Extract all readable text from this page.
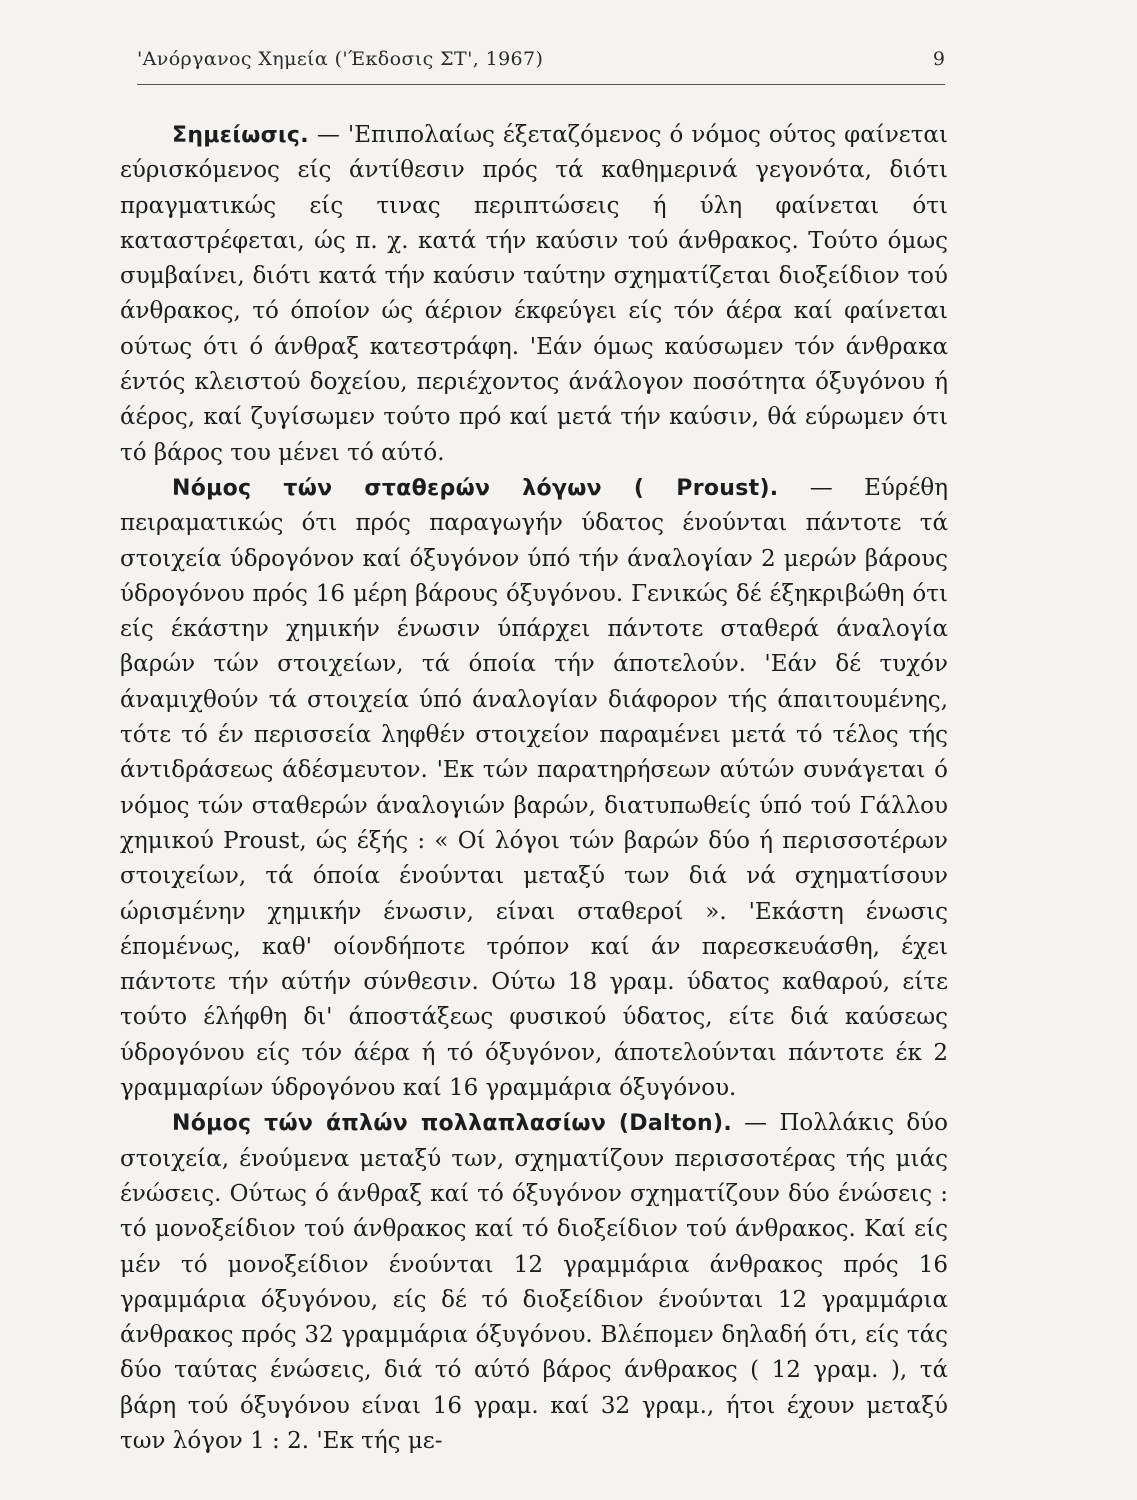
'Ανόργανος Χημεία ('Έκδοσις ΣΤ', 1967)	9

Σημείωσις. — 'Επιπολαίως έξεταζόμενος ό νόμος ούτος φαίνεται εύρισκόμενος είς άντίθεσιν πρός τά καθημερινά γεγονότα, διότι πραγματικώς είς τινας περιπτώσεις ή ύλη φαίνεται ότι καταστρέφεται, ώς π. χ. κατά τήν καύσιν τού άνθρακος. Τούτο όμως συμβαίνει, διότι κατά τήν καύσιν ταύτην σχηματίζεται διοξείδιον τού άνθρακος, τό όποίον ώς άέριον έκφεύγει είς τόν άέρα καί φαίνεται ούτως ότι ό άνθραξ κατεστράφη. 'Εάν όμως καύσωμεν τόν άνθρακα έντός κλειστού δοχείου, περιέχοντος άνάλογον ποσότητα όξυγόνου ή άέρος, καί ζυγίσωμεν τούτο πρό καί μετά τήν καύσιν, θά εύρωμεν ότι τό βάρος του μένει τό αύτό.

Νόμος τών σταθερών λόγων ( Proust). — Εύρέθη πειραματικώς ότι πρός παραγωγήν ύδατος ένούνται πάντοτε τά στοιχεία ύδρογόνον καί όξυγόνον ύπό τήν άναλογίαν 2 μερών βάρους ύδρογόνου πρός 16 μέρη βάρους όξυγόνου. Γενικώς δέ έξηκριβώθη ότι είς έκάστην χημικήν ένωσιν ύπάρχει πάντοτε σταθερά άναλογία βαρών τών στοιχείων, τά όποία τήν άποτελούν. 'Εάν δέ τυχόν άναμιχθούν τά στοιχεία ύπό άναλογίαν διάφορον τής άπαιτουμένης, τότε τό έν περισσεία ληφθέν στοιχείον παραμένει μετά τό τέλος τής άντιδράσεως άδέσμευτον. 'Εκ τών παρατηρήσεων αύτών συνάγεται ό νόμος τών σταθερών άναλογιών βαρών, διατυπωθείς ύπό τού Γάλλου χημικού Proust, ώς έξής : « Οί λόγοι τών βαρών δύο ή περισσοτέρων στοιχείων, τά όποία ένούνται μεταξύ των διά νά σχηματίσουν ώρισμένην χημικήν ένωσιν, είναι σταθεροί ». 'Εκάστη ένωσις έπομένως, καθ' οίονδήποτε τρόπον καί άν παρεσκευάσθη, έχει πάντοτε τήν αύτήν σύνθεσιν. Ούτω 18 γραμ. ύδατος καθαρού, είτε τούτο έλήφθη δι' άποστάξεως φυσικού ύδατος, είτε διά καύσεως ύδρογόνου είς τόν άέρα ή τό όξυγόνον, άποτελούνται πάντοτε έκ 2 γραμμαρίων ύδρογόνου καί 16 γραμμάρια όξυγόνου.

Νόμος τών άπλών πολλαπλασίων (Dalton). — Πολλάκις δύο στοιχεία, ένούμενα μεταξύ των, σχηματίζουν περισσοτέρας τής μιάς ένώσεις. Ούτως ό άνθραξ καί τό όξυγόνον σχηματίζουν δύο ένώσεις : τό μονοξείδιον τού άνθρακος καί τό διοξείδιον τού άνθρακος. Καί είς μέν τό μονοξείδιον ένούνται 12 γραμμάρια άνθρακος πρός 16 γραμμάρια όξυγόνου, είς δέ τό διοξείδιον ένούνται 12 γραμμάρια άνθρακος πρός 32 γραμμάρια όξυγόνου. Βλέπομεν δηλαδή ότι, είς τάς δύο ταύτας ένώσεις, διά τό αύτό βάρος άνθρακος ( 12 γραμ. ), τά βάρη τού όξυγόνου είναι 16 γραμ. καί 32 γραμ., ήτοι έχουν μεταξύ των λόγον 1 : 2. 'Εκ τής με-
